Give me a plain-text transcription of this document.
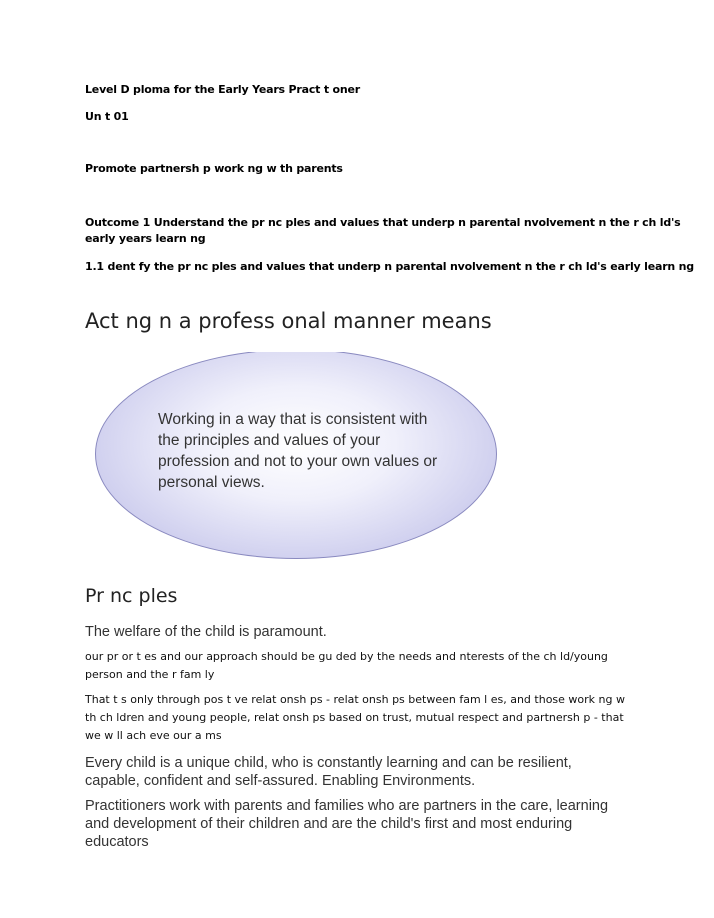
Level D ploma for the Early Years Pract t oner
Un t 01
Promote partnersh p work ng w th parents
Outcome 1 Understand the pr nc ples and values that underp n parental nvolvement n the r ch ld's
early years learn ng
1.1 dent fy the pr nc ples and values that underp n parental nvolvement n the r ch ld's early learn ng
Act ng n a profess onal manner means
Working in a way that is consistent with the principles and values of your profession and not to your own values or personal views.
Pr nc ples
The welfare of the child is paramount.
our pr or t es and our approach should be gu ded by the needs and nterests of the ch ld/young person and the r fam ly
That t s only through pos t ve relat onsh ps - relat onsh ps between fam l es, and those work ng w th ch ldren and young people, relat onsh ps based on trust, mutual respect and partnersh p - that we w ll ach eve our a ms
Every child is a unique child, who is constantly learning and can be resilient, capable, confident and self-assured. Enabling Environments.
Practitioners work with parents and families who are partners in the care, learning and development of their children and are the child's first and most enduring educators
